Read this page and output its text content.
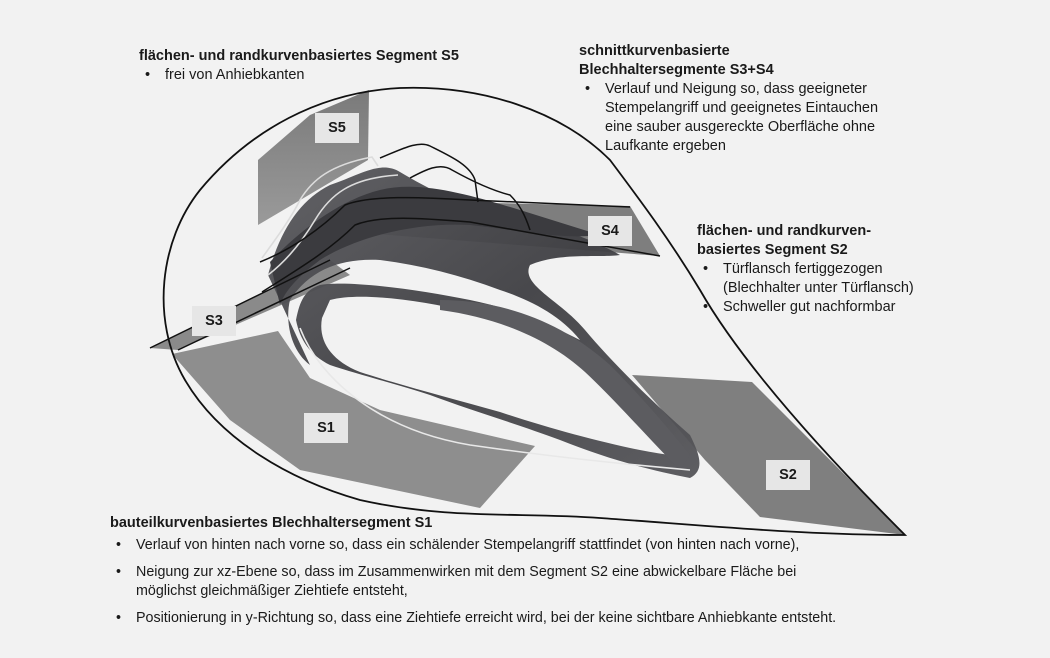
S5
S4
S3
S1
S2
flächen- und randkurvenbasiertes Segment S5
• frei von Anhiebkanten
schnittkurvenbasierte
Blechhaltersegmente S3+S4
• Verlauf und Neigung so, dass geeigneter
Stempelangriff und geeignetes Eintauchen
eine sauber ausgereckte Oberfläche ohne
Laufkante ergeben
flächen- und randkurven-
basiertes Segment S2
• Türflansch fertiggezogen
(Blechhalter unter Türflansch)
• Schweller gut nachformbar
bauteilkurvenbasiertes Blechhaltersegment S1
• Verlauf von hinten nach vorne so, dass ein schälender Stempelangriff stattfindet (von hinten nach vorne),
• Neigung zur xz-Ebene so, dass im Zusammenwirken mit dem Segment S2 eine abwickelbare Fläche bei
möglichst gleichmäßiger Ziehtiefe entsteht,
• Positionierung in y-Richtung so, dass eine Ziehtiefe erreicht wird, bei der keine sichtbare Anhiebkante entsteht.
